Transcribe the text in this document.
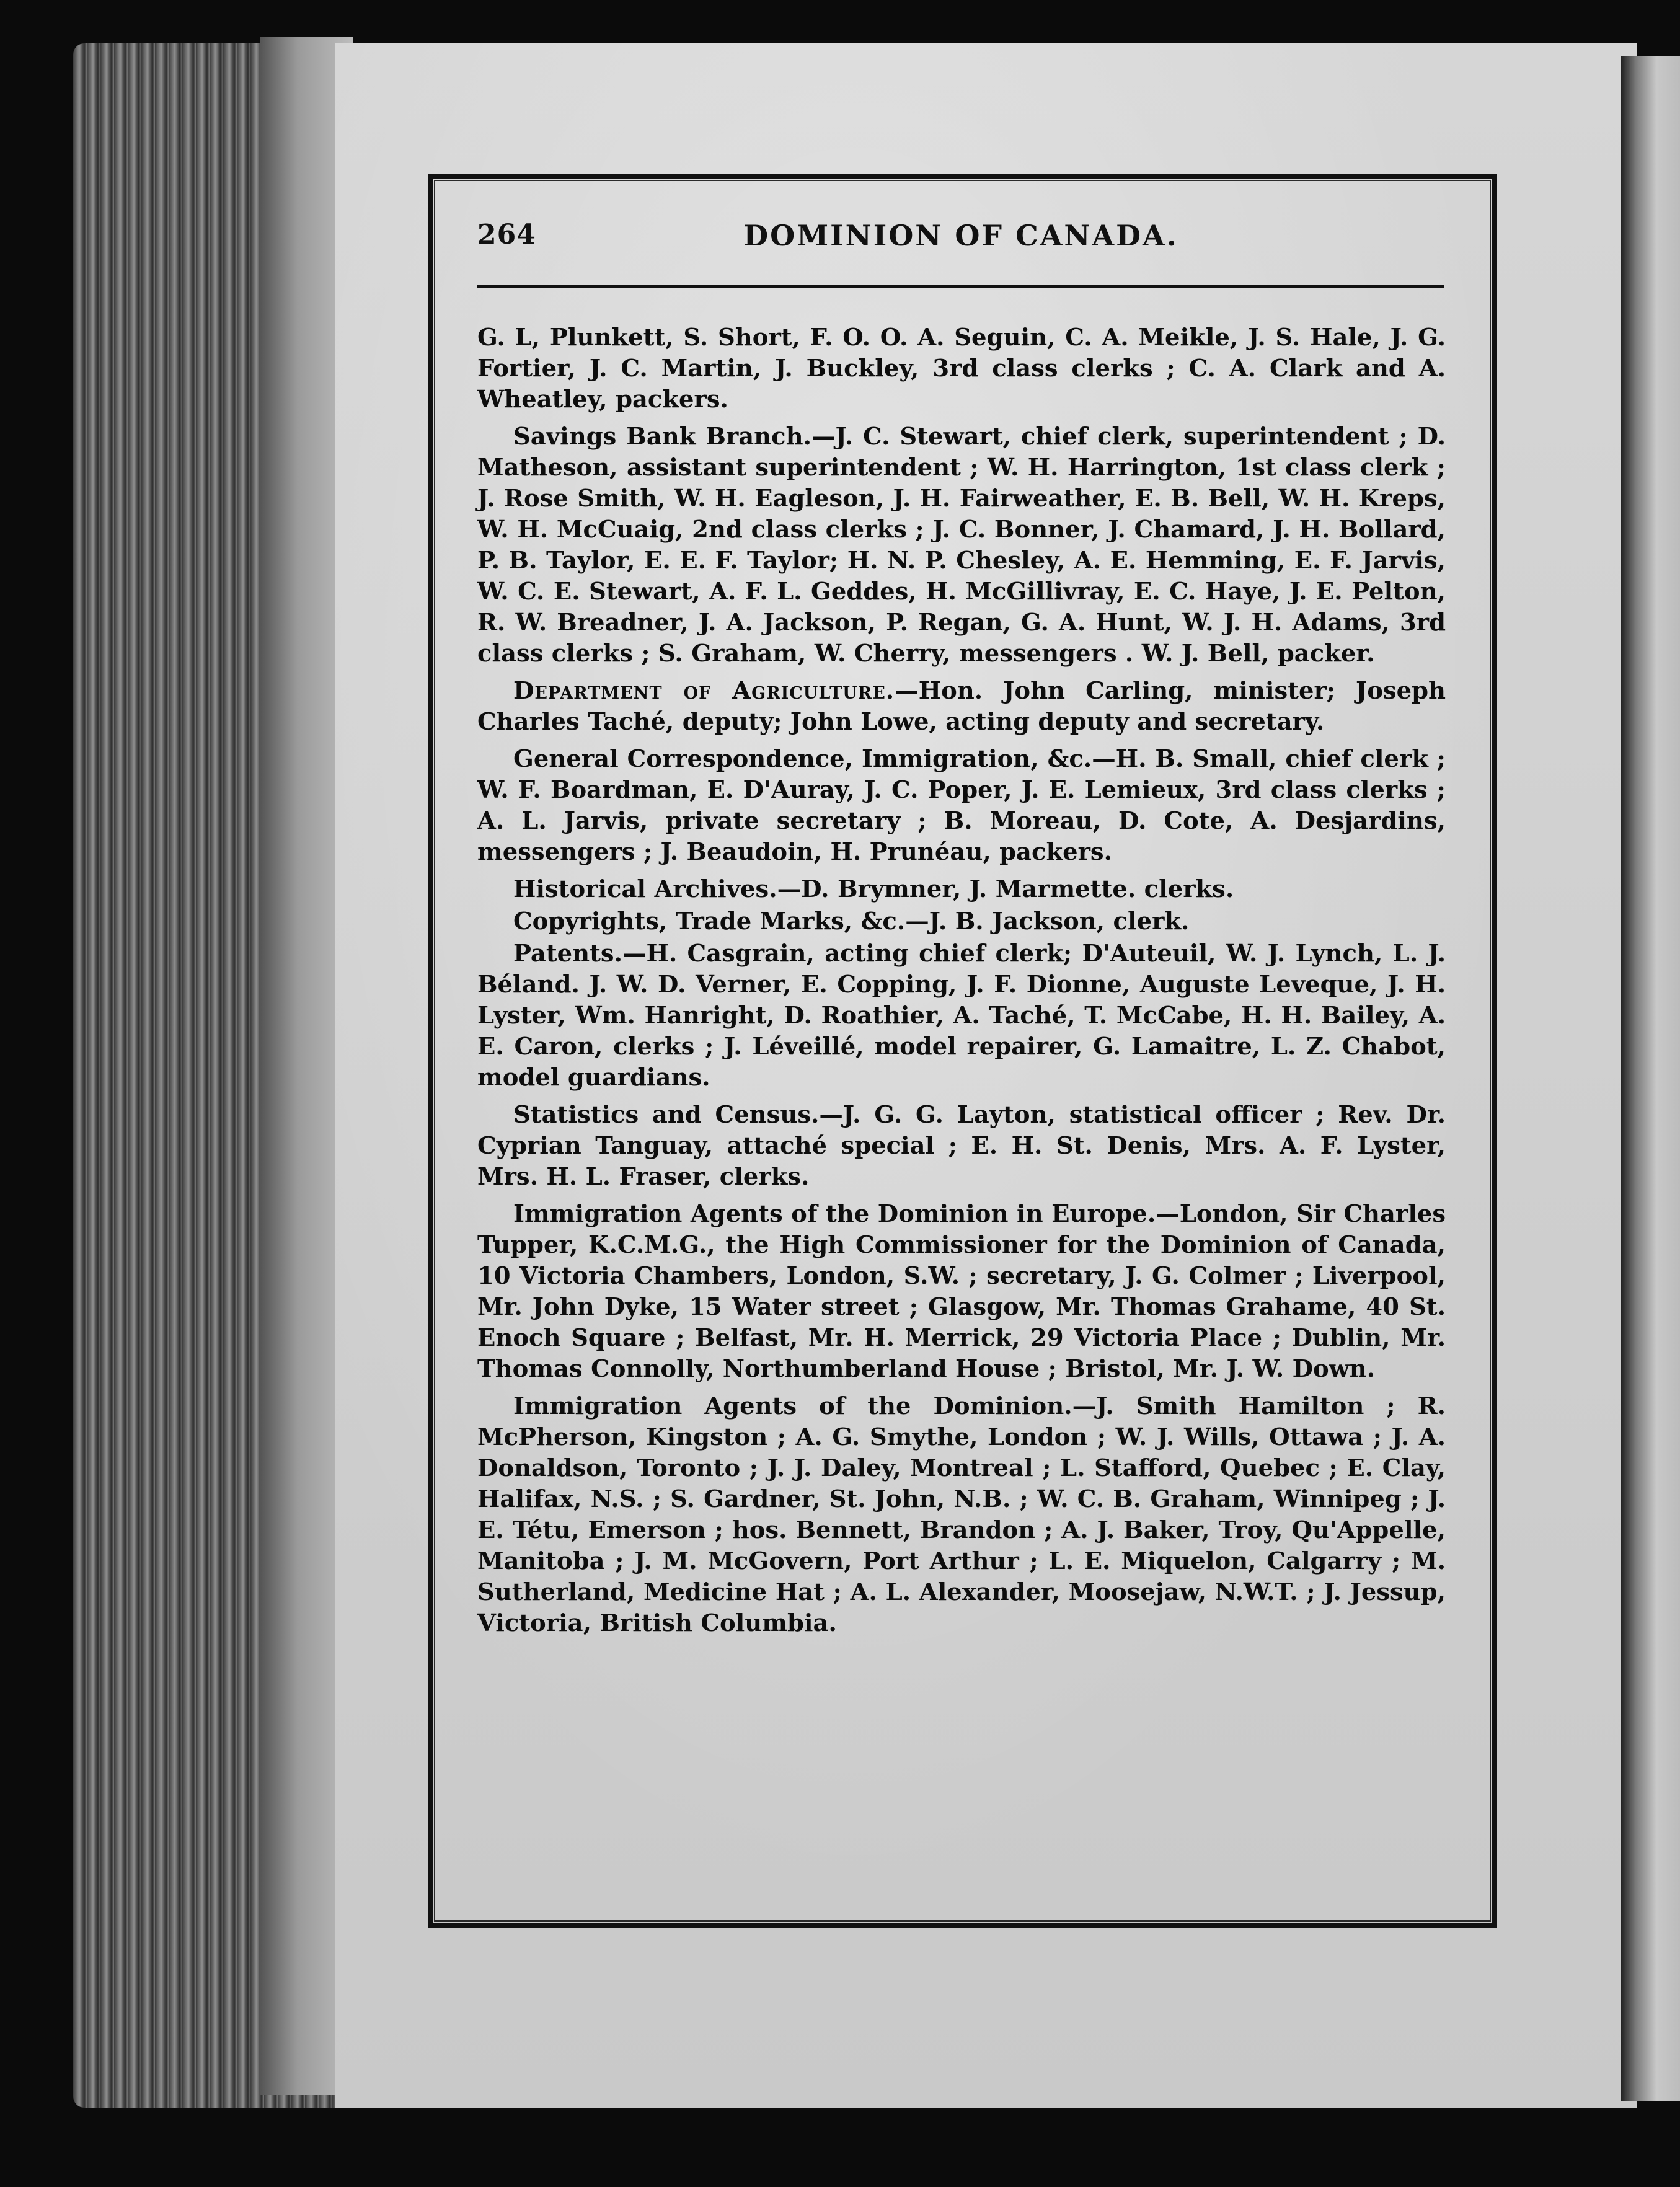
264	DOMINION OF CANADA.

G. L, Plunkett, S. Short, F. O. O. A. Seguin, C. A. Meikle, J. S. Hale, J. G. Fortier, J. C. Martin, J. Buckley, 3rd class clerks ; C. A. Clark and A. Wheatley, packers.

Savings Bank Branch.—J. C. Stewart, chief clerk, superintendent ; D. Matheson, assistant superintendent ; W. H. Harrington, 1st class clerk ; J. Rose Smith, W. H. Eagleson, J. H. Fairweather, E. B. Bell, W. H. Kreps, W. H. McCuaig, 2nd class clerks ; J. C. Bonner, J. Chamard, J. H. Bollard, P. B. Taylor, E. E. F. Taylor; H. N. P. Chesley, A. E. Hemming, E. F. Jarvis, W. C. E. Stewart, A. F. L. Geddes, H. McGillivray, E. C. Haye, J. E. Pelton, R. W. Breadner, J. A. Jackson, P. Regan, G. A. Hunt, W. J. H. Adams, 3rd class clerks ; S. Graham, W. Cherry, messengers . W. J. Bell, packer.

Department of Agriculture.—Hon. John Carling, minister; Joseph Charles Taché, deputy; John Lowe, acting deputy and secretary.

General Correspondence, Immigration, &c.—H. B. Small, chief clerk ; W. F. Boardman, E. D'Auray, J. C. Poper, J. E. Lemieux, 3rd class clerks ; A. L. Jarvis, private secretary ; B. Moreau, D. Cote, A. Desjardins, messengers ; J. Beaudoin, H. Prunéau, packers.

Historical Archives.—D. Brymner, J. Marmette. clerks.

Copyrights, Trade Marks, &c.—J. B. Jackson, clerk.

Patents.—H. Casgrain, acting chief clerk; D'Auteuil, W. J. Lynch, L. J. Béland. J. W. D. Verner, E. Copping, J. F. Dionne, Auguste Leveque, J. H. Lyster, Wm. Hanright, D. Roathier, A. Taché, T. McCabe, H. H. Bailey, A. E. Caron, clerks ; J. Léveillé, model repairer, G. Lamaitre, L. Z. Chabot, model guardians.

Statistics and Census.—J. G. G. Layton, statistical officer ; Rev. Dr. Cyprian Tanguay, attaché special ; E. H. St. Denis, Mrs. A. F. Lyster, Mrs. H. L. Fraser, clerks.

Immigration Agents of the Dominion in Europe.—London, Sir Charles Tupper, K.C.M.G., the High Commissioner for the Dominion of Canada, 10 Victoria Chambers, London, S.W. ; secretary, J. G. Colmer ; Liverpool, Mr. John Dyke, 15 Water street ; Glasgow, Mr. Thomas Grahame, 40 St. Enoch Square ; Belfast, Mr. H. Merrick, 29 Victoria Place ; Dublin, Mr. Thomas Connolly, Northumberland House ; Bristol, Mr. J. W. Down.

Immigration Agents of the Dominion.—J. Smith Hamilton ; R. McPherson, Kingston ; A. G. Smythe, London ; W. J. Wills, Ottawa ; J. A. Donaldson, Toronto ; J. J. Daley, Montreal ; L. Stafford, Quebec ; E. Clay, Halifax, N.S. ; S. Gardner, St. John, N.B. ; W. C. B. Graham, Winnipeg ; J. E. Tétu, Emerson ; hos. Bennett, Brandon ; A. J. Baker, Troy, Qu'Appelle, Manitoba ; J. M. McGovern, Port Arthur ; L. E. Miquelon, Calgarry ; M. Sutherland, Medicine Hat ; A. L. Alexander, Moosejaw, N.W.T. ; J. Jessup, Victoria, British Columbia.
